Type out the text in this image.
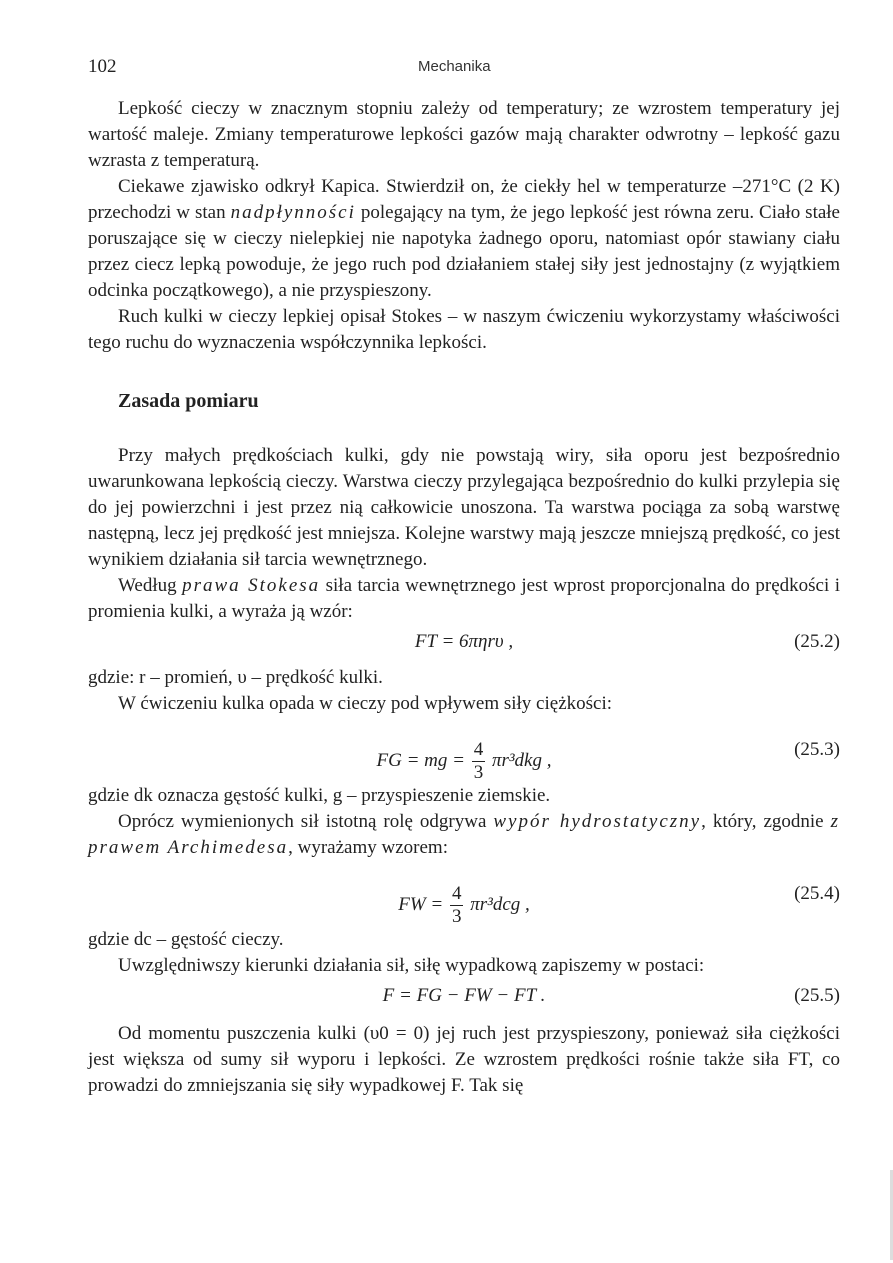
102	Mechanika

Lepkość cieczy w znacznym stopniu zależy od temperatury; ze wzrostem temperatury jej wartość maleje. Zmiany temperaturowe lepkości gazów mają charakter odwrotny – lepkość gazu wzrasta z temperaturą.

Ciekawe zjawisko odkrył Kapica. Stwierdził on, że ciekły hel w temperaturze –271°C (2 K) przechodzi w stan nadpłynności polegający na tym, że jego lepkość jest równa zeru. Ciało stałe poruszające się w cieczy nielepkiej nie napotyka żadnego oporu, natomiast opór stawiany ciału przez ciecz lepką powoduje, że jego ruch pod działaniem stałej siły jest jednostajny (z wyjątkiem odcinka początkowego), a nie przyspieszony.

Ruch kulki w cieczy lepkiej opisał Stokes – w naszym ćwiczeniu wykorzystamy właściwości tego ruchu do wyznaczenia współczynnika lepkości.

Zasada pomiaru

Przy małych prędkościach kulki, gdy nie powstają wiry, siła oporu jest bezpośrednio uwarunkowana lepkością cieczy. Warstwa cieczy przylegająca bezpośrednio do kulki przylepia się do jej powierzchni i jest przez nią całkowicie unoszona. Ta warstwa pociąga za sobą warstwę następną, lecz jej prędkość jest mniejsza. Kolejne warstwy mają jeszcze mniejszą prędkość, co jest wynikiem działania sił tarcia wewnętrznego.

Według prawa Stokesa siła tarcia wewnętrznego jest wprost proporcjonalna do prędkości i promienia kulki, a wyraża ją wzór:

FT = 6πηrυ ,	(25.2)

gdzie: r – promień, υ – prędkość kulki.

W ćwiczeniu kulka opada w cieczy pod wpływem siły ciężkości:

FG = mg = $\frac{4}{3} \pi r^3dkg$ ,
(25.3)

gdzie dk oznacza gęstość kulki, g – przyspieszenie ziemskie.

Oprócz wymienionych sił istotną rolę odgrywa wypór hydrostatyczny, który, zgodnie z prawem Archimedesa, wyrażamy wzorem:

FW = $\frac{4}{3} \pi r^3dcg$ ,
(25.4)

gdzie dc – gęstość cieczy.

Uwzględniwszy kierunki działania sił, siłę wypadkową zapiszemy w postaci:

F = FG − FW − FT .	(25.5)

Od momentu puszczenia kulki (υ0 = 0) jej ruch jest przyspieszony, ponieważ siła ciężkości jest większa od sumy sił wyporu i lepkości. Ze wzrostem prędkości rośnie także siła FT, co prowadzi do zmniejszania się siły wypadkowej F. Tak się
